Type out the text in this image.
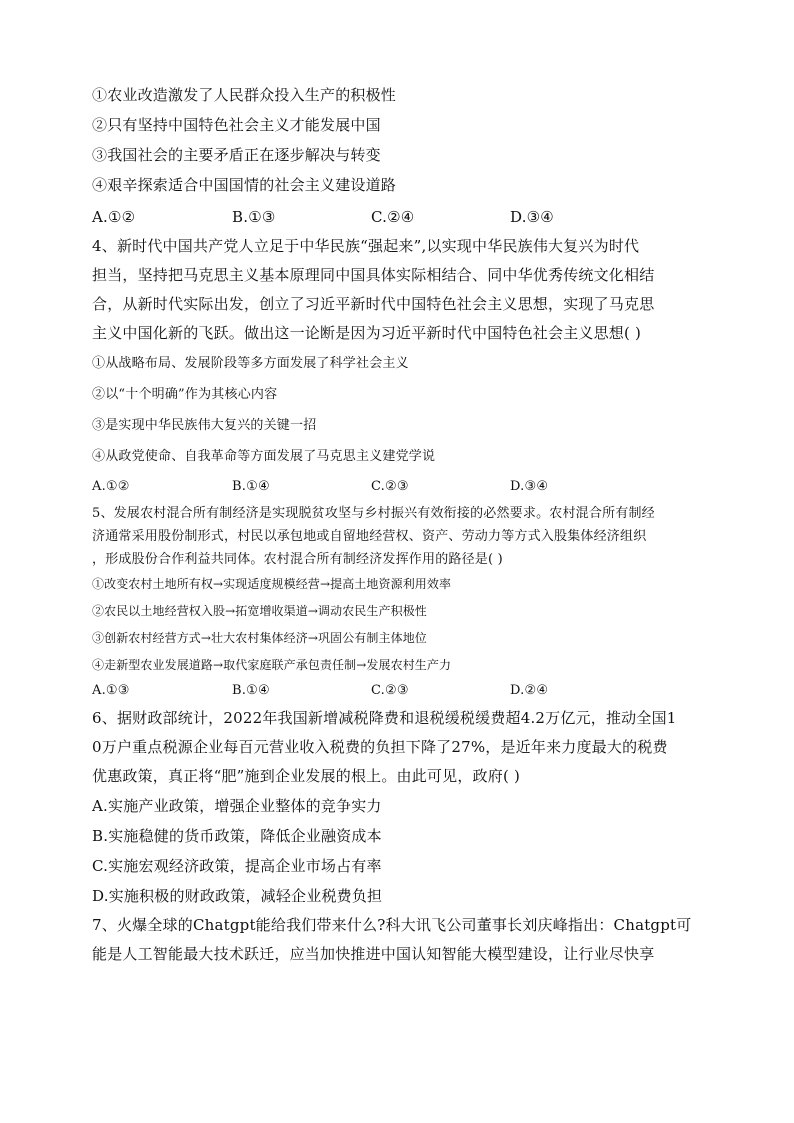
①农业改造激发了人民群众投入生产的积极性
②只有坚持中国特色社会主义才能发展中国
③我国社会的主要矛盾正在逐步解决与转变
④艰辛探索适合中国国情的社会主义建设道路
A.①②	B.①③	C.②④	D.③④
4、新时代中国共产党人立足于中华民族“强起来”,以实现中华民族伟大复兴为时代
担当，坚持把马克思主义基本原理同中国具体实际相结合、同中华优秀传统文化相结
合，从新时代实际出发，创立了习近平新时代中国特色社会主义思想，实现了马克思
主义中国化新的飞跃。做出这一论断是因为习近平新时代中国特色社会主义思想( )
①从战略布局、发展阶段等多方面发展了科学社会主义
②以“十个明确”作为其核心内容
③是实现中华民族伟大复兴的关键一招
④从政党使命、自我革命等方面发展了马克思主义建党学说
A.①②	B.①④	C.②③	D.③④
5、发展农村混合所有制经济是实现脱贫攻坚与乡村振兴有效衔接的必然要求。农村混合所有制经
济通常采用股份制形式，村民以承包地或自留地经营权、资产、劳动力等方式入股集体经济组织
，形成股份合作利益共同体。农村混合所有制经济发挥作用的路径是( )
①改变农村土地所有权→实现适度规模经营→提高土地资源利用效率
②农民以土地经营权入股→拓宽增收渠道→调动农民生产积极性
③创新农村经营方式→壮大农村集体经济→巩固公有制主体地位
④走新型农业发展道路→取代家庭联产承包责任制→发展农村生产力
A.①③	B.①④	C.②③	D.②④
6、据财政部统计，2022年我国新增减税降费和退税缓税缓费超4.2万亿元，推动全国1
0万户重点税源企业每百元营业收入税费的负担下降了27%，是近年来力度最大的税费
优惠政策，真正将“肥”施到企业发展的根上。由此可见，政府( )
A.实施产业政策，增强企业整体的竞争实力
B.实施稳健的货币政策，降低企业融资成本
C.实施宏观经济政策，提高企业市场占有率
D.实施积极的财政政策，减轻企业税费负担
7、火爆全球的Chatgpt能给我们带来什么?科大讯飞公司董事长刘庆峰指出：Chatgpt可
能是人工智能最大技术跃迁，应当加快推进中国认知智能大模型建设，让行业尽快享
